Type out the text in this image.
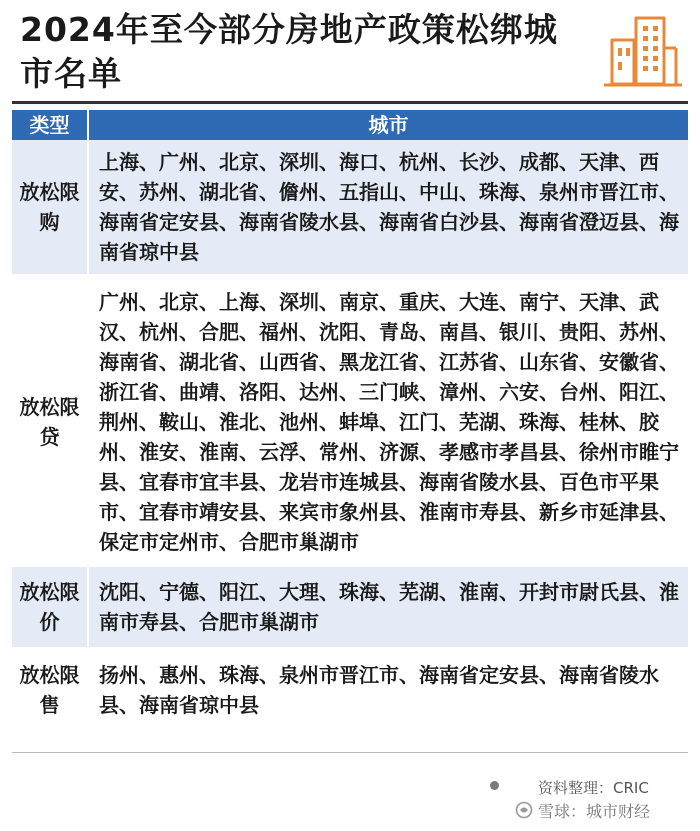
2024年至今部分房地产政策松绑城市名单
类型	城市
放松限购	上海、广州、北京、深圳、海口、杭州、长沙、成都、天津、西安、苏州、湖北省、儋州、五指山、中山、珠海、泉州市晋江市、海南省定安县、海南省陵水县、海南省白沙县、海南省澄迈县、海南省琼中县
放松限贷	广州、北京、上海、深圳、南京、重庆、大连、南宁、天津、武汉、杭州、合肥、福州、沈阳、青岛、南昌、银川、贵阳、苏州、海南省、湖北省、山西省、黑龙江省、江苏省、山东省、安徽省、浙江省、曲靖、洛阳、达州、三门峡、漳州、六安、台州、阳江、荆州、鞍山、淮北、池州、蚌埠、江门、芜湖、珠海、桂林、胶州、淮安、淮南、云浮、常州、济源、孝感市孝昌县、徐州市睢宁县、宜春市宜丰县、龙岩市连城县、海南省陵水县、百色市平果市、宜春市靖安县、来宾市象州县、淮南市寿县、新乡市延津县、保定市定州市、合肥市巢湖市
放松限价	沈阳、宁德、阳江、大理、珠海、芜湖、淮南、开封市尉氏县、淮南市寿县、合肥市巢湖市
放松限售	扬州、惠州、珠海、泉州市晋江市、海南省定安县、海南省陵水县、海南省琼中县
资料整理：CRIC
雪球：城市财经
